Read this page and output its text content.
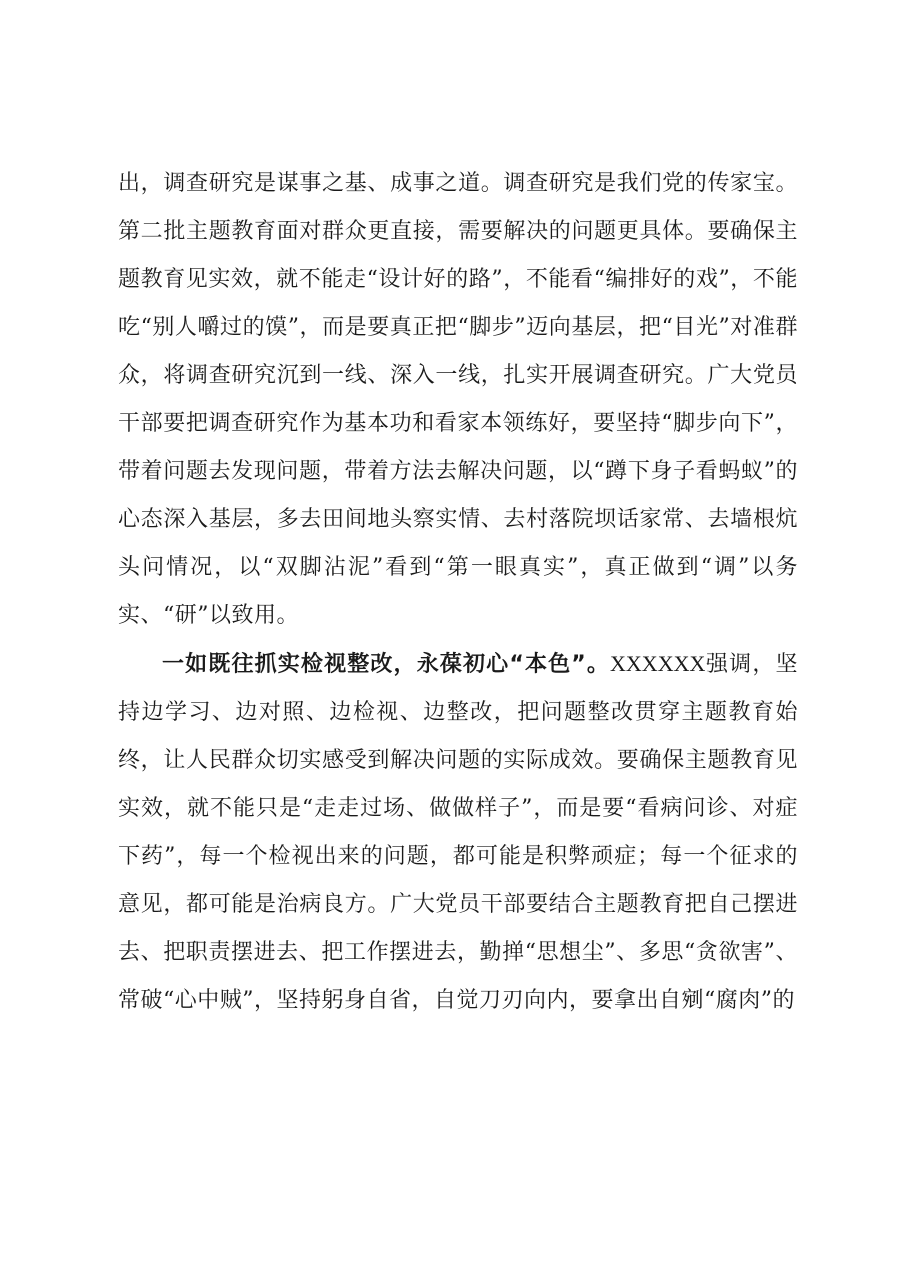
出，调查研究是谋事之基、成事之道。调查研究是我们党的传家宝。第二批主题教育面对群众更直接，需要解决的问题更具体。要确保主题教育见实效，就不能走“设计好的路”，不能看“编排好的戏”，不能吃“别人嚼过的馍”，而是要真正把“脚步”迈向基层，把“目光”对准群众，将调查研究沉到一线、深入一线，扎实开展调查研究。广大党员干部要把调查研究作为基本功和看家本领练好，要坚持“脚步向下”，带着问题去发现问题，带着方法去解决问题，以“蹲下身子看蚂蚁”的心态深入基层，多去田间地头察实情、去村落院坝话家常、去墙根炕头问情况，以“双脚沾泥”看到“第一眼真实”，真正做到“调”以务实、“研”以致用。

一如既往抓实检视整改，永葆初心“本色”。XXXXXX强调，坚持边学习、边对照、边检视、边整改，把问题整改贯穿主题教育始终，让人民群众切实感受到解决问题的实际成效。要确保主题教育见实效，就不能只是“走走过场、做做样子”，而是要“看病问诊、对症下药”，每一个检视出来的问题，都可能是积弊顽症；每一个征求的意见，都可能是治病良方。广大党员干部要结合主题教育把自己摆进去、把职责摆进去、把工作摆进去，勤掸“思想尘”、多思“贪欲害”、常破“心中贼”，坚持躬身自省，自觉刀刃向内，要拿出自剜“腐肉”的
